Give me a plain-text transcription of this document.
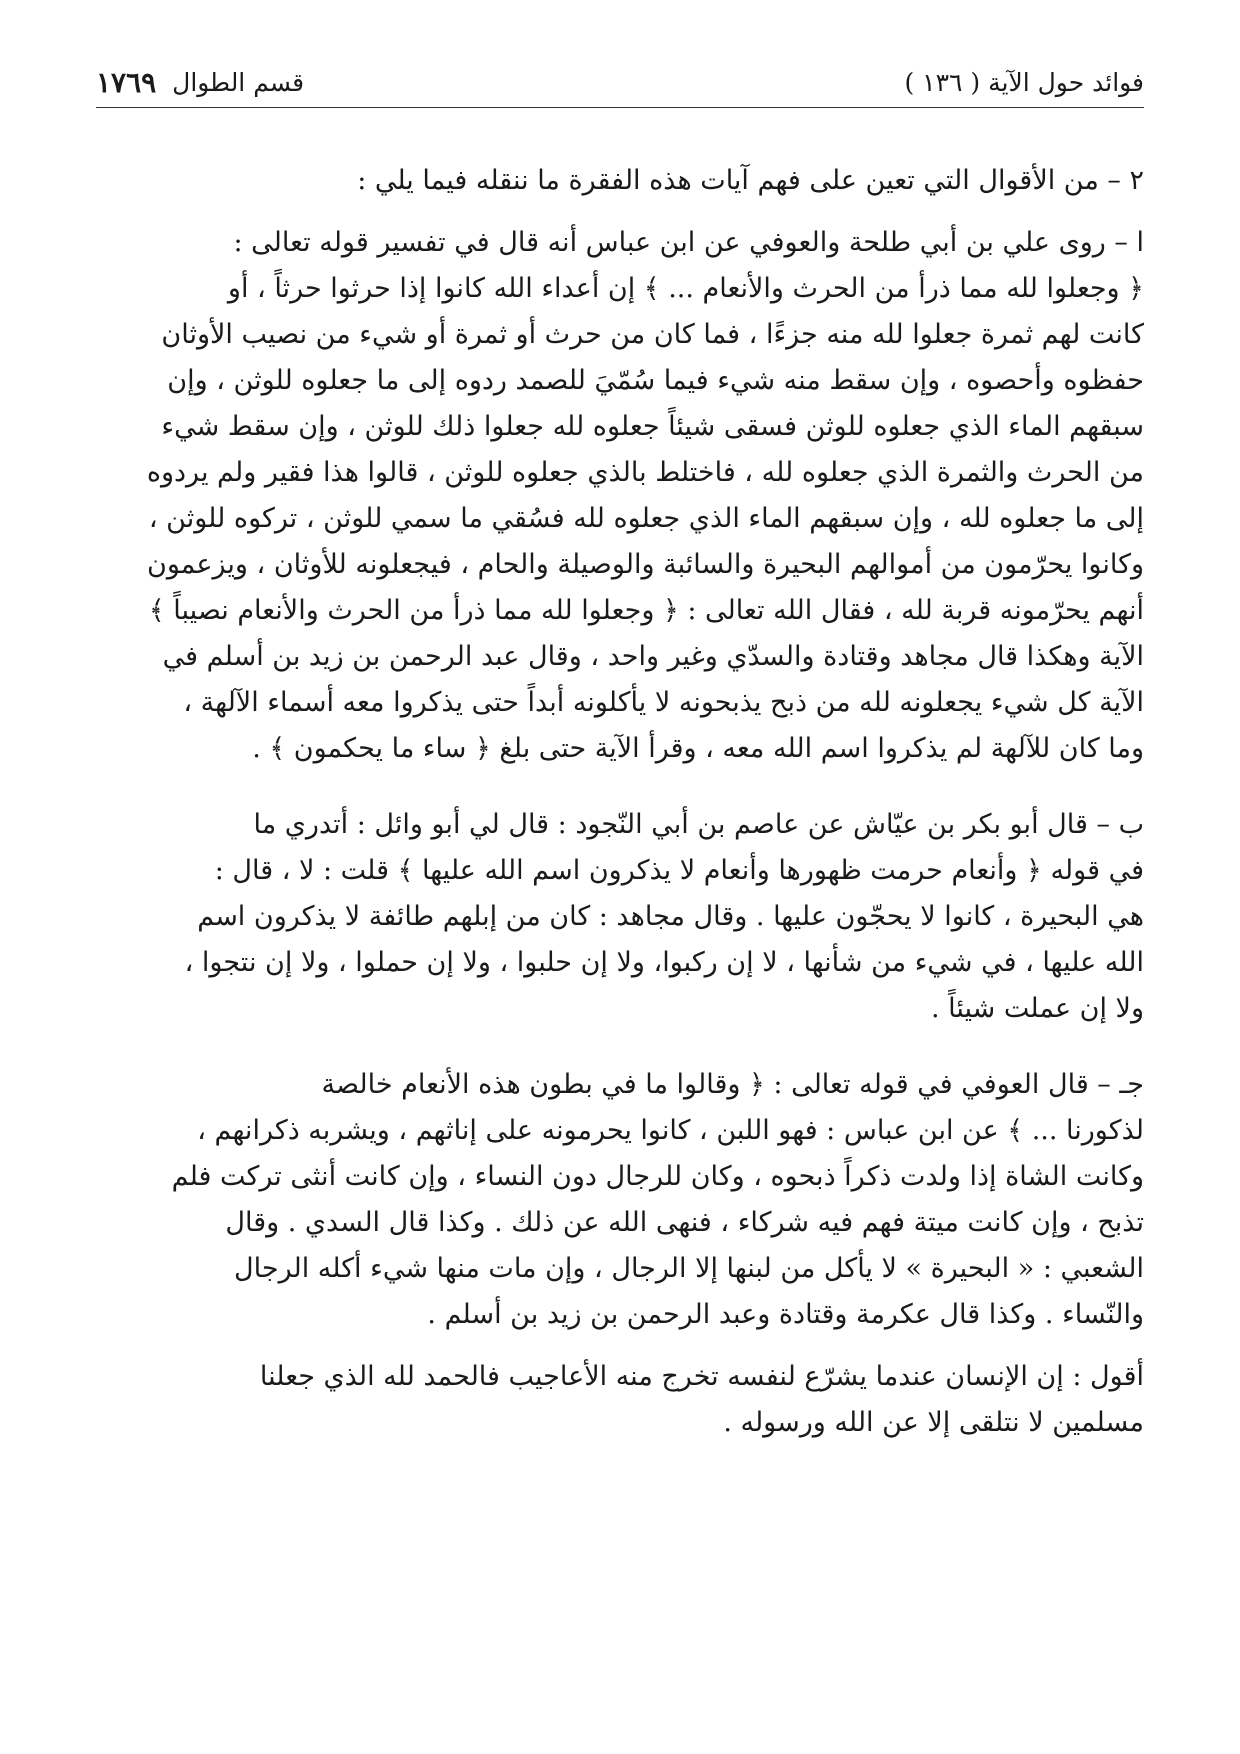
فوائد حول الآية ( ١٣٦ )
قسم الطوال
١٧٦٩
٢ – من الأقوال التي تعين على فهم آيات هذه الفقرة ما ننقله فيما يلي :
ا – روى علي بن أبي طلحة والعوفي عن ابن عباس أنه قال في تفسير قوله تعالى :
﴿ وجعلوا لله مما ذرأ من الحرث والأنعام ... ﴾ إن أعداء الله كانوا إذا حرثوا حرثاً ، أو
كانت لهم ثمرة جعلوا لله منه جزءًا ، فما كان من حرث أو ثمرة أو شيء من نصيب الأوثان
حفظوه وأحصوه ، وإن سقط منه شيء فيما سُمّيَ للصمد ردوه إلى ما جعلوه للوثن ، وإن
سبقهم الماء الذي جعلوه للوثن فسقى شيئاً جعلوه لله جعلوا ذلك للوثن ، وإن سقط شيء
من الحرث والثمرة الذي جعلوه لله ، فاختلط بالذي جعلوه للوثن ، قالوا هذا فقير ولم يردوه
إلى ما جعلوه لله ، وإن سبقهم الماء الذي جعلوه لله فسُقي ما سمي للوثن ، تركوه للوثن ،
وكانوا يحرّمون من أموالهم البحيرة والسائبة والوصيلة والحام ، فيجعلونه للأوثان ، ويزعمون
أنهم يحرّمونه قربة لله ، فقال الله تعالى : ﴿ وجعلوا لله مما ذرأ من الحرث والأنعام نصيباً ﴾
الآية وهكذا قال مجاهد وقتادة والسدّي وغير واحد ، وقال عبد الرحمن بن زيد بن أسلم في
الآية كل شيء يجعلونه لله من ذبح يذبحونه لا يأكلونه أبداً حتى يذكروا معه أسماء الآلهة ،
وما كان للآلهة لم يذكروا اسم الله معه ، وقرأ الآية حتى بلغ ﴿ ساء ما يحكمون ﴾ .
ب – قال أبو بكر بن عيّاش عن عاصم بن أبي النّجود : قال لي أبو وائل : أتدري ما
في قوله ﴿ وأنعام حرمت ظهورها وأنعام لا يذكرون اسم الله عليها ﴾ قلت : لا ، قال :
هي البحيرة ، كانوا لا يحجّون عليها . وقال مجاهد : كان من إبلهم طائفة لا يذكرون اسم
الله عليها ، في شيء من شأنها ، لا إن ركبوا، ولا إن حلبوا ، ولا إن حملوا ، ولا إن نتجوا ،
ولا إن عملت شيئاً .
جـ – قال العوفي في قوله تعالى : ﴿ وقالوا ما في بطون هذه الأنعام خالصة
لذكورنا ... ﴾ عن ابن عباس : فهو اللبن ، كانوا يحرمونه على إناثهم ، ويشربه ذكرانهم ،
وكانت الشاة إذا ولدت ذكراً ذبحوه ، وكان للرجال دون النساء ، وإن كانت أنثى تركت فلم
تذبح ، وإن كانت ميتة فهم فيه شركاء ، فنهى الله عن ذلك . وكذا قال السدي . وقال
الشعبي : « البحيرة » لا يأكل من لبنها إلا الرجال ، وإن مات منها شيء أكله الرجال
والنّساء . وكذا قال عكرمة وقتادة وعبد الرحمن بن زيد بن أسلم .
أقول : إن الإنسان عندما يشرّع لنفسه تخرج منه الأعاجيب فالحمد لله الذي جعلنا
مسلمين لا نتلقى إلا عن الله ورسوله .
